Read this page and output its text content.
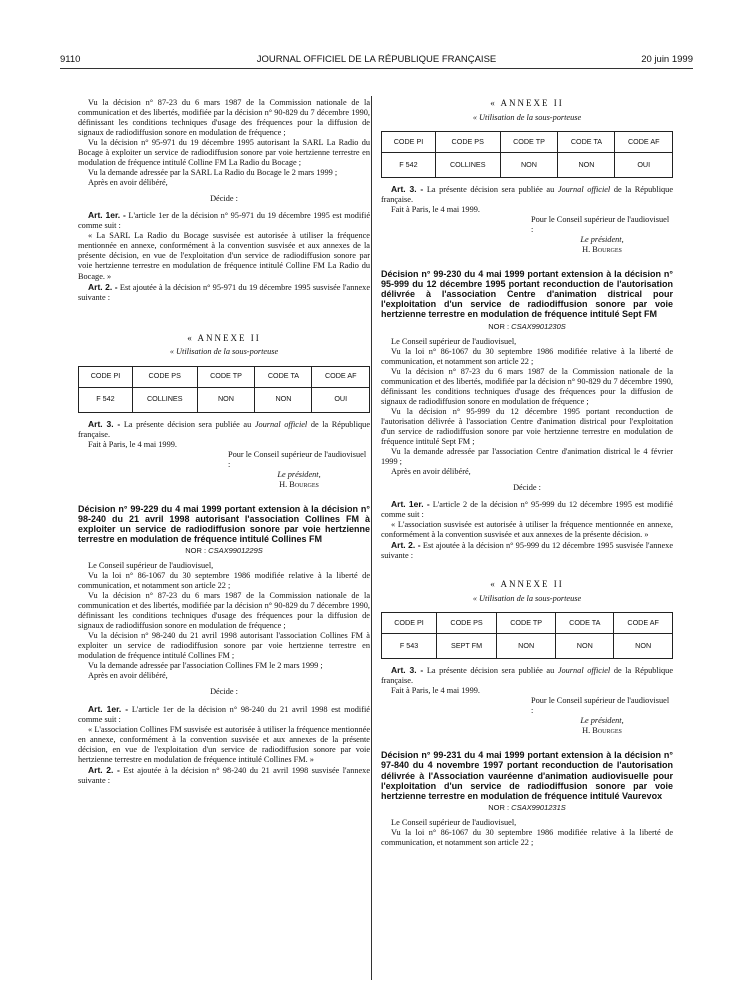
9110	JOURNAL OFFICIEL DE LA RÉPUBLIQUE FRANÇAISE	20 juin 1999

Vu la décision n° 87-23 du 6 mars 1987 de la Commission nationale de la communication et des libertés, modifiée par la décision n° 90-829 du 7 décembre 1990, définissant les conditions techniques d'usage des fréquences pour la diffusion de signaux de radiodiffusion sonore en modulation de fréquence ;

Vu la décision n° 95-971 du 19 décembre 1995 autorisant la SARL La Radio du Bocage à exploiter un service de radiodiffusion sonore par voie hertzienne terrestre en modulation de fréquence intitulé Colline FM La Radio du Bocage ;

Vu la demande adressée par la SARL La Radio du Bocage le 2 mars 1999 ;

Après en avoir délibéré,

Décide :

Art. 1er. - L'article 1er de la décision n° 95-971 du 19 décembre 1995 est modifié comme suit :

« La SARL La Radio du Bocage susvisée est autorisée à utiliser la fréquence mentionnée en annexe, conformément à la convention susvisée et aux annexes de la présente décision, en vue de l'exploitation d'un service de radiodiffusion sonore par voie hertzienne terrestre en modulation de fréquence intitulé Colline FM La Radio du Bocage. »

Art. 2. - Est ajoutée à la décision n° 95-971 du 19 décembre 1995 susvisée l'annexe suivante :

« ANNEXE II
« Utilisation de la sous-porteuse
CODE PI	CODE PS	CODE TP	CODE TA	CODE AF
F 542	COLLINES	NON	NON	OUI

Art. 3. - La présente décision sera publiée au Journal officiel de la République française.

Fait à Paris, le 4 mai 1999.

Pour le Conseil supérieur de l'audiovisuel :
Le président,
H. Bourges

Décision n° 99-229 du 4 mai 1999 portant extension à la décision n° 98-240 du 21 avril 1998 autorisant l'association Collines FM à exploiter un service de radiodiffusion sonore par voie hertzienne terrestre en modulation de fréquence intitulé Collines FM

NOR : CSAX9901229S

Le Conseil supérieur de l'audiovisuel,

Vu la loi n° 86-1067 du 30 septembre 1986 modifiée relative à la liberté de communication, et notamment son article 22 ;

Vu la décision n° 87-23 du 6 mars 1987 de la Commission nationale de la communication et des libertés, modifiée par la décision n° 90-829 du 7 décembre 1990, définissant les conditions techniques d'usage des fréquences pour la diffusion de signaux de radiodiffusion sonore en modulation de fréquence ;

Vu la décision n° 98-240 du 21 avril 1998 autorisant l'association Collines FM à exploiter un service de radiodiffusion sonore par voie hertzienne terrestre en modulation de fréquence intitulé Collines FM ;

Vu la demande adressée par l'association Collines FM le 2 mars 1999 ;

Après en avoir délibéré,

Décide :

Art. 1er. - L'article 1er de la décision n° 98-240 du 21 avril 1998 est modifié comme suit :

« L'association Collines FM susvisée est autorisée à utiliser la fréquence mentionnée en annexe, conformément à la convention susvisée et aux annexes de la présente décision, en vue de l'exploitation d'un service de radiodiffusion sonore par voie hertzienne terrestre en modulation de fréquence intitulé Collines FM. »

Art. 2. - Est ajoutée à la décision n° 98-240 du 21 avril 1998 susvisée l'annexe suivante :

« ANNEXE II
« Utilisation de la sous-porteuse
CODE PI	CODE PS	CODE TP	CODE TA	CODE AF
F 542	COLLINES	NON	NON	OUI

Art. 3. - La présente décision sera publiée au Journal officiel de la République française.

Fait à Paris, le 4 mai 1999.

Pour le Conseil supérieur de l'audiovisuel :
Le président,
H. Bourges

Décision n° 99-230 du 4 mai 1999 portant extension à la décision n° 95-999 du 12 décembre 1995 portant reconduction de l'autorisation délivrée à l'association Centre d'animation districal pour l'exploitation d'un service de radiodiffusion sonore par voie hertzienne terrestre en modulation de fréquence intitulé Sept FM

NOR : CSAX9901230S

Le Conseil supérieur de l'audiovisuel,

Vu la loi n° 86-1067 du 30 septembre 1986 modifiée relative à la liberté de communication, et notamment son article 22 ;

Vu la décision n° 87-23 du 6 mars 1987 de la Commission nationale de la communication et des libertés, modifiée par la décision n° 90-829 du 7 décembre 1990, définissant les conditions techniques d'usage des fréquences pour la diffusion de signaux de radiodiffusion sonore en modulation de fréquence ;

Vu la décision n° 95-999 du 12 décembre 1995 portant reconduction de l'autorisation délivrée à l'association Centre d'animation districal pour l'exploitation d'un service de radiodiffusion sonore par voie hertzienne terrestre en modulation de fréquence intitulé Sept FM ;

Vu la demande adressée par l'association Centre d'animation districal le 4 février 1999 ;

Après en avoir délibéré,

Décide :

Art. 1er. - L'article 2 de la décision n° 95-999 du 12 décembre 1995 est modifié comme suit :

« L'association susvisée est autorisée à utiliser la fréquence mentionnée en annexe, conformément à la convention susvisée et aux annexes de la présente décision. »

Art. 2. - Est ajoutée à la décision n° 95-999 du 12 décembre 1995 susvisée l'annexe suivante :

« ANNEXE II
« Utilisation de la sous-porteuse
CODE PI	CODE PS	CODE TP	CODE TA	CODE AF
F 543	SEPT FM	NON	NON	NON

Art. 3. - La présente décision sera publiée au Journal officiel de la République française.

Fait à Paris, le 4 mai 1999.

Pour le Conseil supérieur de l'audiovisuel :
Le président,
H. Bourges

Décision n° 99-231 du 4 mai 1999 portant extension à la décision n° 97-840 du 4 novembre 1997 portant reconduction de l'autorisation délivrée à l'Association vauréenne d'animation audiovisuelle pour l'exploitation d'un service de radiodiffusion sonore par voie hertzienne terrestre en modulation de fréquence intitulé Vaurevox

NOR : CSAX9901231S

Le Conseil supérieur de l'audiovisuel,

Vu la loi n° 86-1067 du 30 septembre 1986 modifiée relative à la liberté de communication, et notamment son article 22 ;
